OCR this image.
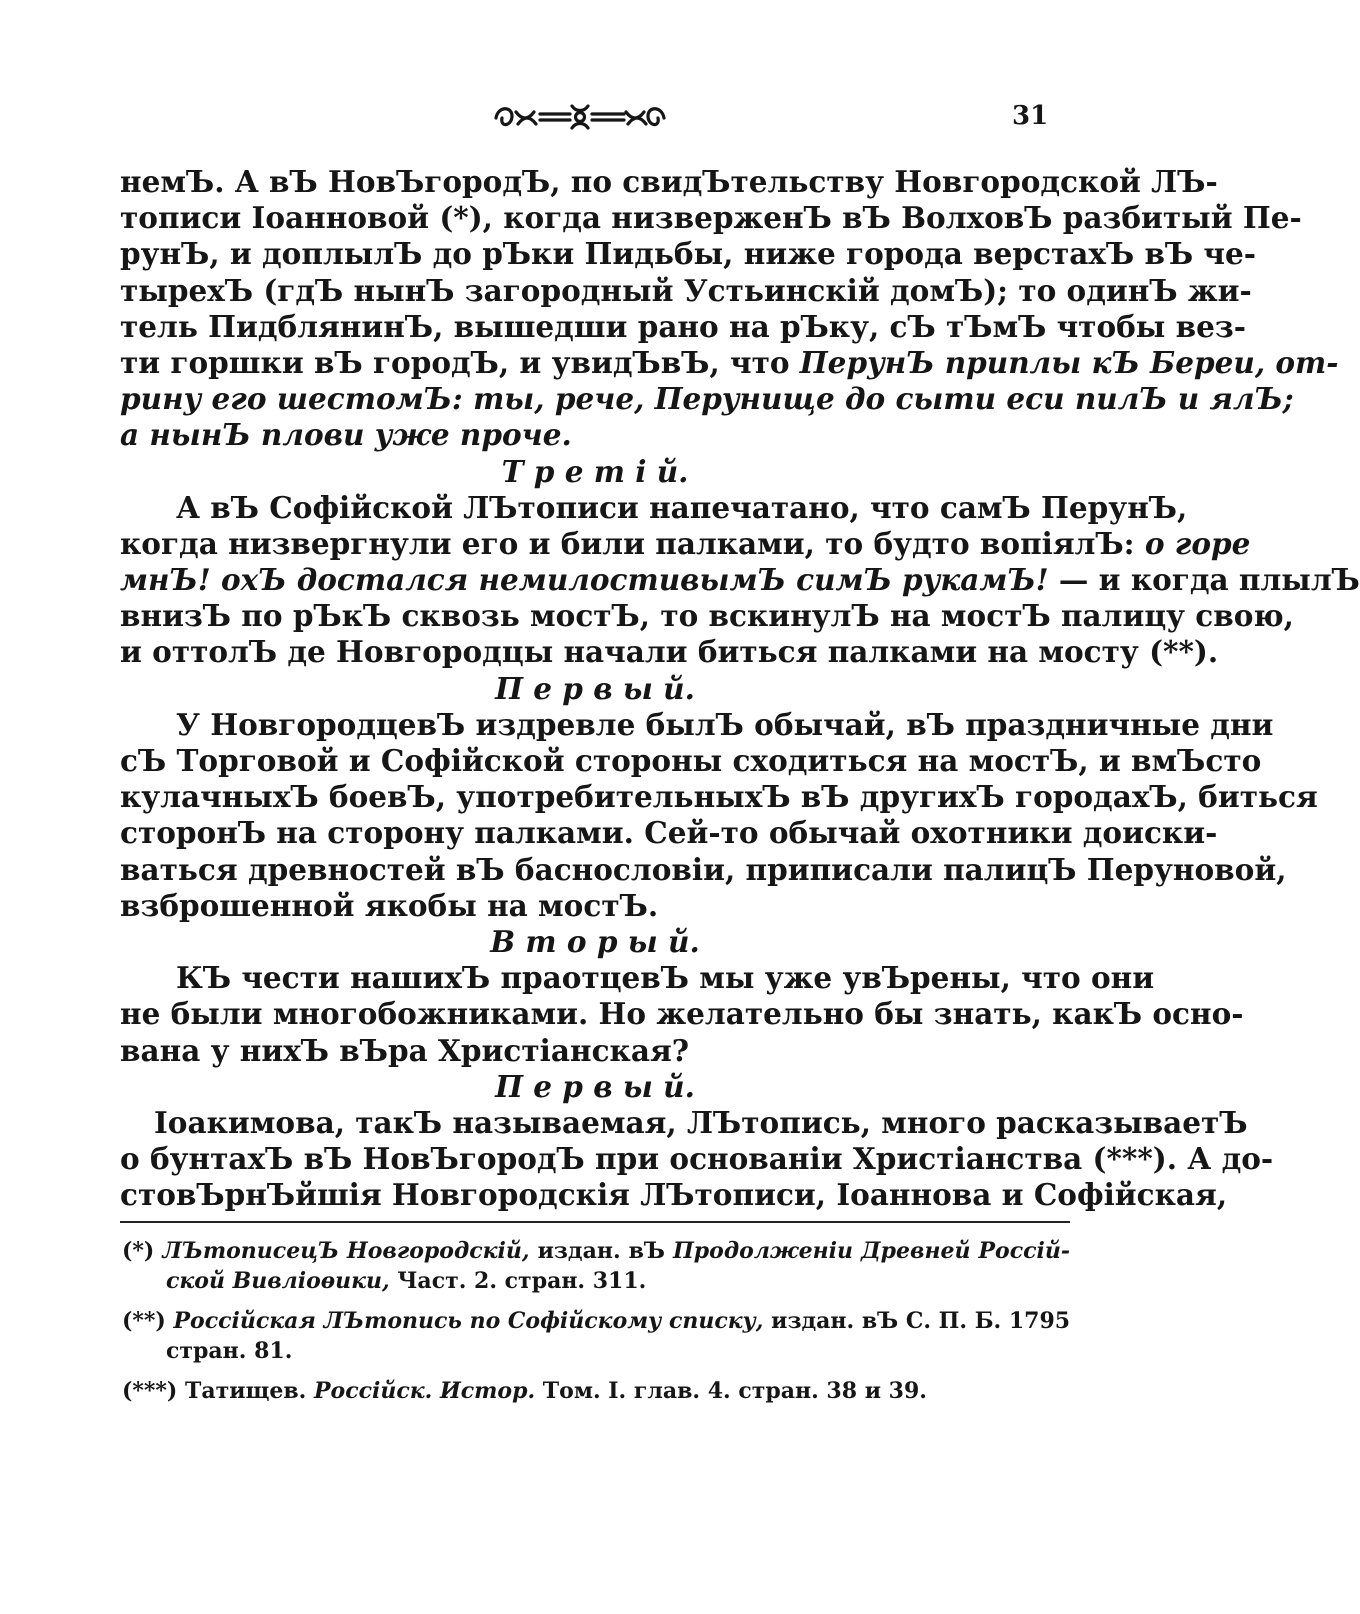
31
немЪ. А вЪ НовЪгородЪ, по свидЪтельству Новгородской ЛЪ-
тописи Іоанновой (*), когда низверженЪ вЪ ВолховЪ разбитый Пе-
рунЪ, и доплылЪ до рЪки Пидьбы, ниже города верстахЪ вЪ че-
тырехЪ (гдЪ нынЪ загородный Устьинскій домЪ); то одинЪ жи-
тель ПидблянинЪ, вышедши рано на рЪку, сЪ тЪмЪ чтобы вез-
ти горшки вЪ городЪ, и увидЪвЪ, что ПерунЪ приплы кЪ Береи, от-
рину его шестомЪ: ты, рече, Перунище до сыти еси пилЪ и ялЪ;
а нынЪ плови уже проче.
Т р е т і й.
А вЪ Софійской ЛЪтописи напечатано, что самЪ ПерунЪ,
когда низвергнули его и били палками, то будто вопіялЪ: о горе
мнЪ! охЪ достался немилостивымЪ симЪ рукамЪ! — и когда плылЪ
внизЪ по рЪкЪ сквозь мостЪ, то вскинулЪ на мостЪ палицу свою,
и оттолЪ де Новгородцы начали биться палками на мосту (**).
П е р в ы й.
У НовгородцевЪ издревле былЪ обычай, вЪ праздничные дни
сЪ Торговой и Софійской стороны сходиться на мостЪ, и вмЪсто
кулачныхЪ боевЪ, употребительныхЪ вЪ другихЪ городахЪ, биться
сторонЪ на сторону палками. Сей-то обычай охотники доиски-
ваться древностей вЪ баснословіи, приписали палицЪ Перуновой,
взброшенной якобы на мостЪ.
В т о р ы й.
КЪ чести нашихЪ праотцевЪ мы уже увЪрены, что они
не были многобожниками. Но желательно бы знать, какЪ осно-
вана у нихЪ вЪра Христіанская?
П е р в ы й.
Іоакимова, такЪ называемая, ЛЪтопись, много расказываетЪ
о бунтахЪ вЪ НовЪгородЪ при основаніи Христіанства (***). А до-
стовЪрнЪйшія Новгородскія ЛЪтописи, Іоаннова и Софійская,
(*) ЛЪтописецЪ Новгородскій, издан. вЪ Продолженіи Древней Россій-
ской Вивліоѳики, Част. 2. стран. 311.
(**) Россійская ЛЪтопись по Софійскому списку, издан. вЪ С. П. Б. 1795
стран. 81.
(***) Татищев. Россійск. Истор. Том. I. глав. 4. стран. 38 и 39.
